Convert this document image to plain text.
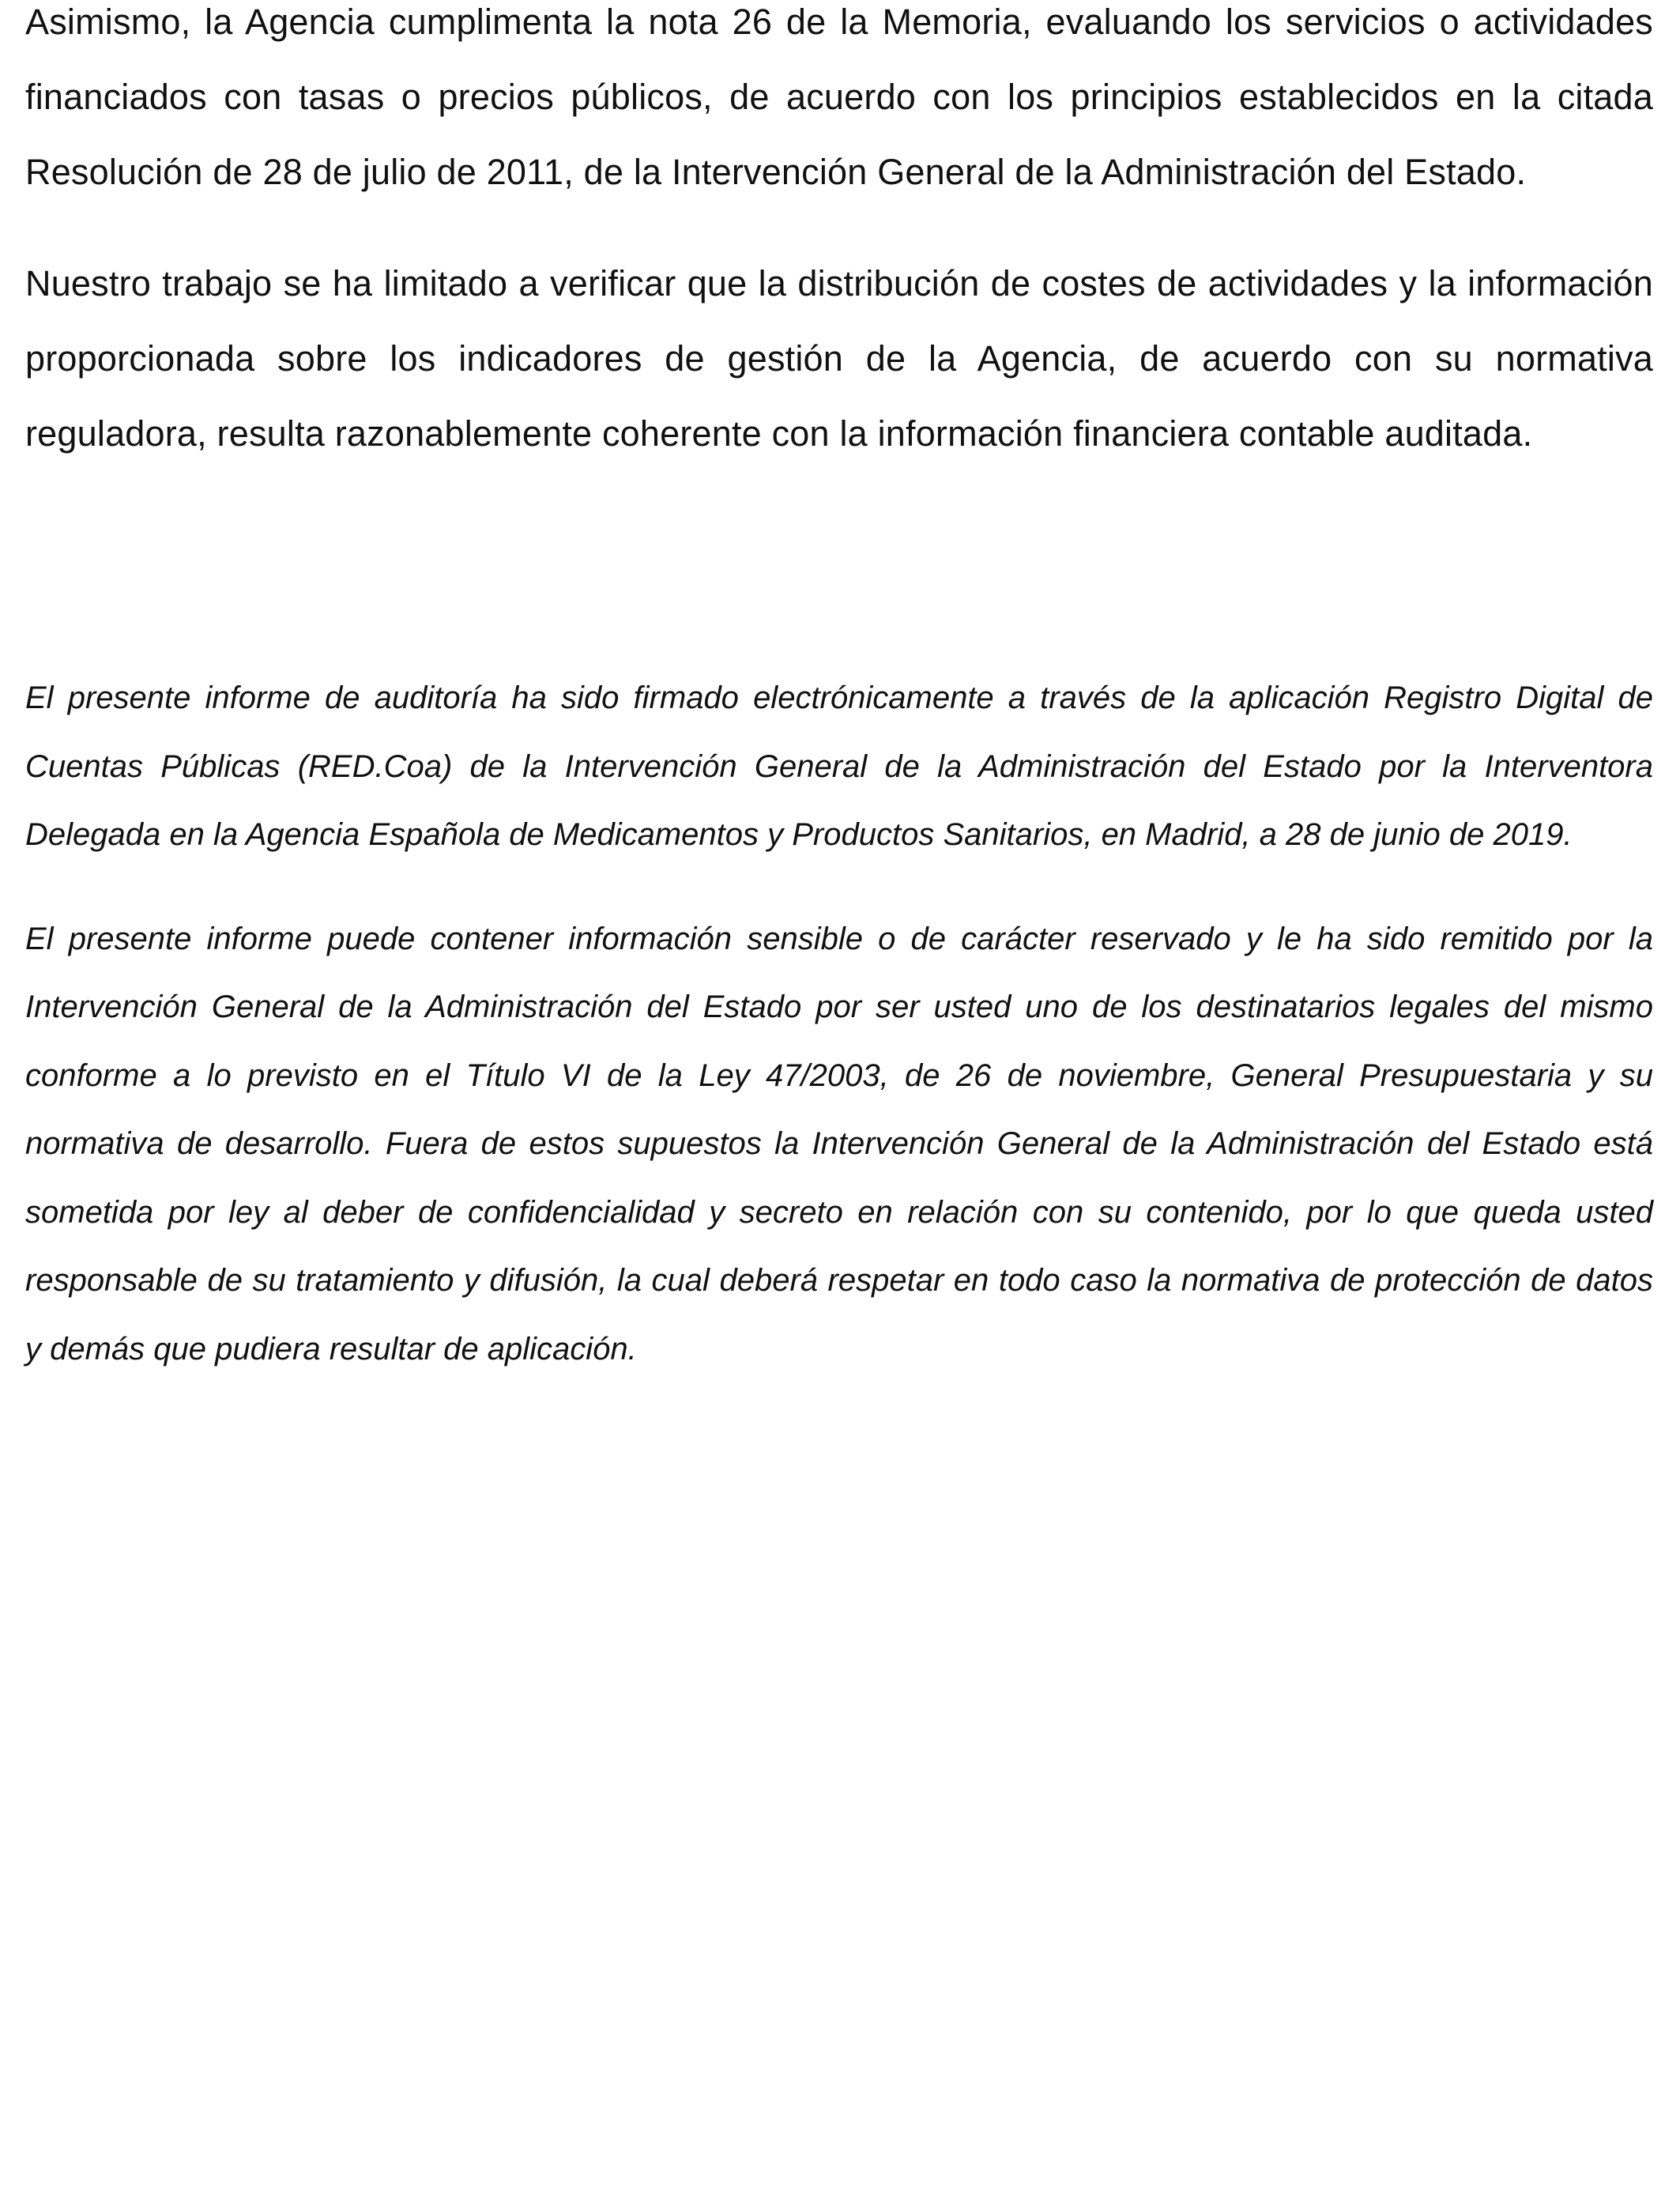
Asimismo, la Agencia cumplimenta la nota 26 de la Memoria, evaluando los servicios o actividades financiados con tasas o precios públicos, de acuerdo con los principios establecidos en la citada Resolución de 28 de julio de 2011, de la Intervención General de la Administración del Estado.

Nuestro trabajo se ha limitado a verificar que la distribución de costes de actividades y la información proporcionada sobre los indicadores de gestión de la Agencia, de acuerdo con su normativa reguladora, resulta razonablemente coherente con la información financiera contable auditada.

El presente informe de auditoría ha sido firmado electrónicamente a través de la aplicación Registro Digital de Cuentas Públicas (RED.Coa) de la Intervención General de la Administración del Estado por la Interventora Delegada en la Agencia Española de Medicamentos y Productos Sanitarios, en Madrid, a 28 de junio de 2019.

El presente informe puede contener información sensible o de carácter reservado y le ha sido remitido por la Intervención General de la Administración del Estado por ser usted uno de los destinatarios legales del mismo conforme a lo previsto en el Título VI de la Ley 47/2003, de 26 de noviembre, General Presupuestaria y su normativa de desarrollo. Fuera de estos supuestos la Intervención General de la Administración del Estado está sometida por ley al deber de confidencialidad y secreto en relación con su contenido, por lo que queda usted responsable de su tratamiento y difusión, la cual deberá respetar en todo caso la normativa de protección de datos y demás que pudiera resultar de aplicación.
